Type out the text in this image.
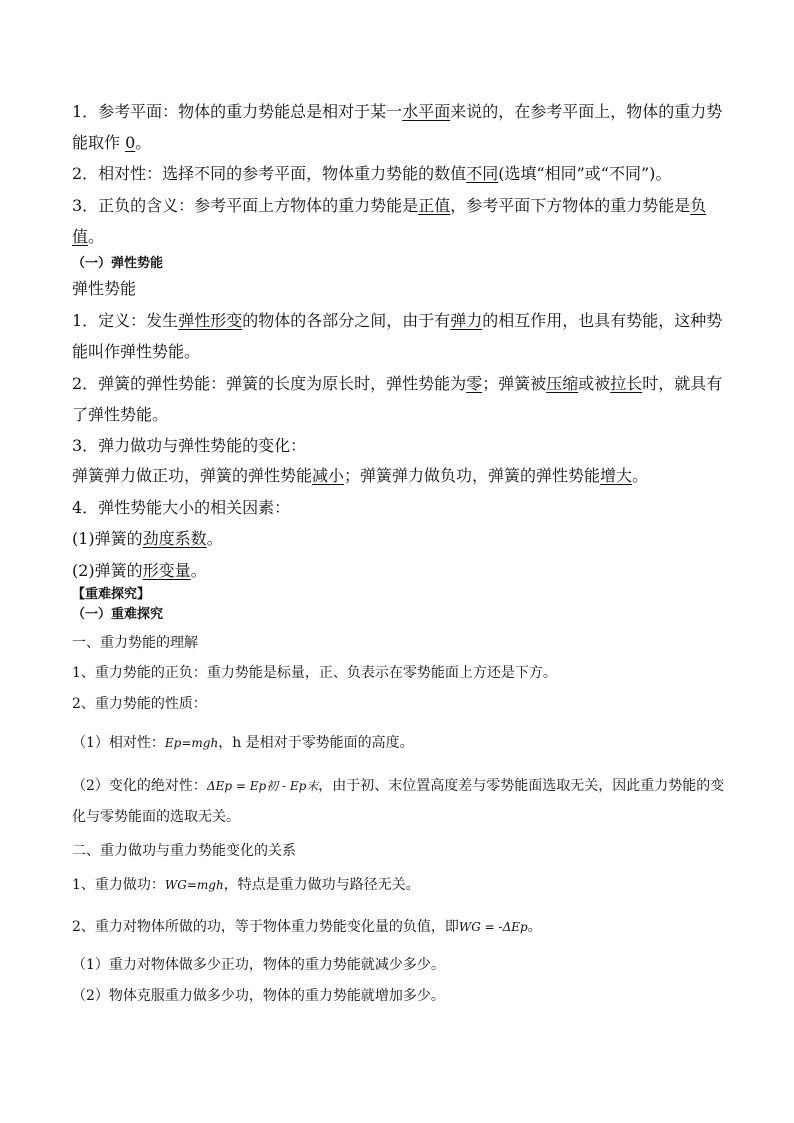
1．参考平面：物体的重力势能总是相对于某一水平面来说的，在参考平面上，物体的重力势
能取作 0。
2．相对性：选择不同的参考平面，物体重力势能的数值不同(选填“相同”或“不同”)。
3．正负的含义：参考平面上方物体的重力势能是正值，参考平面下方物体的重力势能是负
值。
（一）弹性势能
弹性势能
1．定义：发生弹性形变的物体的各部分之间，由于有弹力的相互作用，也具有势能，这种势
能叫作弹性势能。
2．弹簧的弹性势能：弹簧的长度为原长时，弹性势能为零；弹簧被压缩或被拉长时，就具有
了弹性势能。
3．弹力做功与弹性势能的变化：
弹簧弹力做正功，弹簧的弹性势能减小；弹簧弹力做负功，弹簧的弹性势能增大。
4．弹性势能大小的相关因素：
(1)弹簧的劲度系数。
(2)弹簧的形变量。
【重难探究】
（一）重难探究
一、重力势能的理解
1、重力势能的正负：重力势能是标量，正、负表示在零势能面上方还是下方。
2、重力势能的性质：
（1）相对性：Ep=mgh，h 是相对于零势能面的高度。
（2）变化的绝对性：ΔEp = Ep初 - Ep末，由于初、末位置高度差与零势能面选取无关，因此重力势能的变
化与零势能面的选取无关。
二、重力做功与重力势能变化的关系
1、重力做功：WG=mgh，特点是重力做功与路径无关。
2、重力对物体所做的功，等于物体重力势能变化量的负值，即WG = -ΔEp。
（1）重力对物体做多少正功，物体的重力势能就减少多少。
（2）物体克服重力做多少功，物体的重力势能就增加多少。
